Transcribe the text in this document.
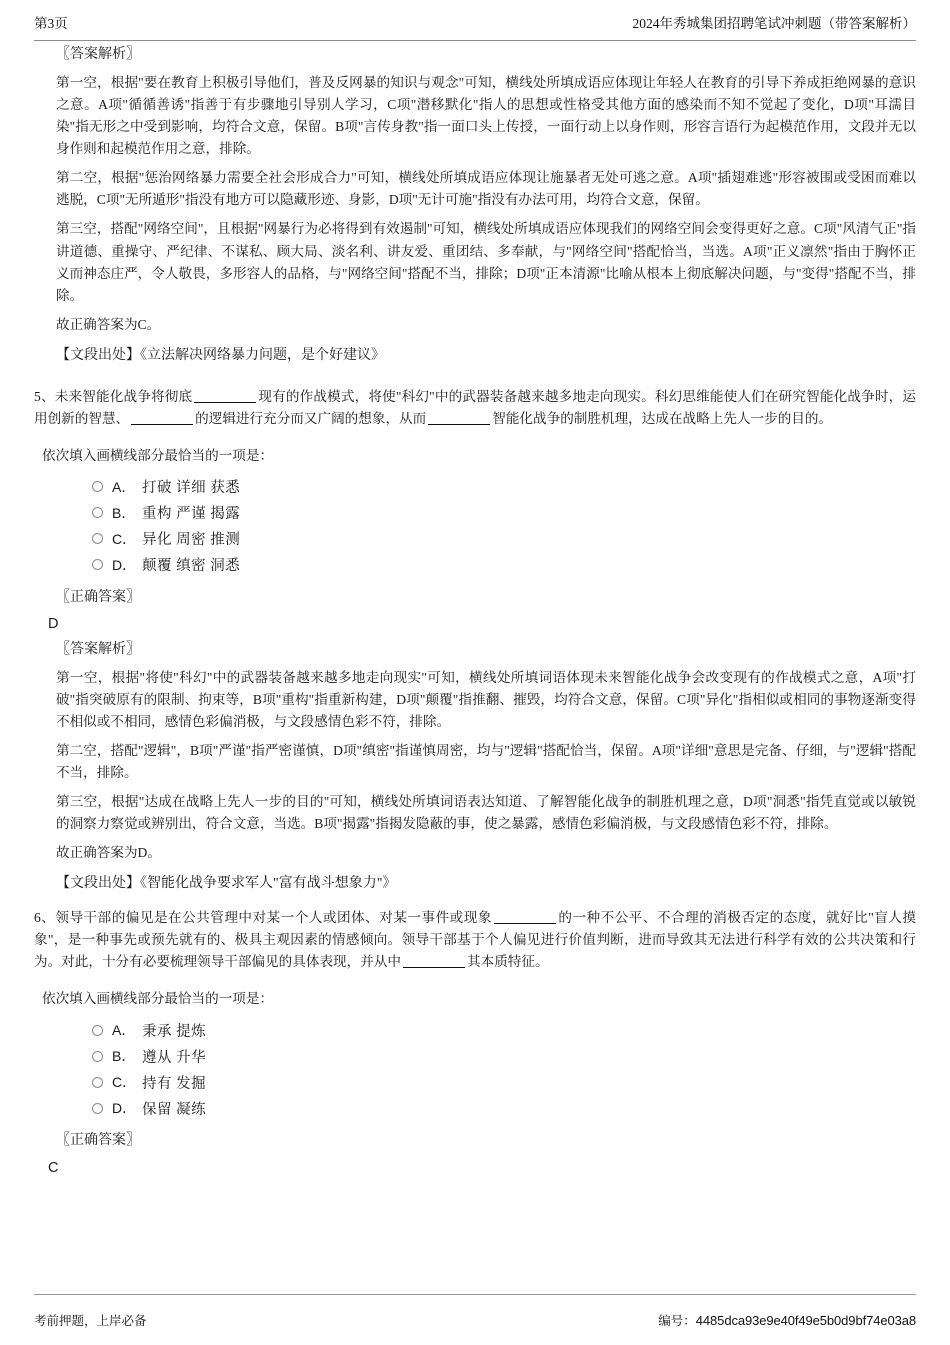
第3页	2024年秀城集团招聘笔试冲刺题（带答案解析）
〖答案解析〗

第一空，根据"要在教育上积极引导他们，普及反网暴的知识与观念"可知，横线处所填成语应体现让年轻人在教育的引导下养成拒绝网暴的意识之意。A项"循循善诱"指善于有步骤地引导别人学习，C项"潜移默化"指人的思想或性格受其他方面的感染而不知不觉起了变化，D项"耳濡目染"指无形之中受到影响，均符合文意，保留。B项"言传身教"指一面口头上传授，一面行动上以身作则，形容言语行为起模范作用，文段并无以身作则和起模范作用之意，排除。

第二空，根据"惩治网络暴力需要全社会形成合力"可知，横线处所填成语应体现让施暴者无处可逃之意。A项"插翅难逃"形容被围或受困而难以逃脱，C项"无所遁形"指没有地方可以隐藏形迹、身影，D项"无计可施"指没有办法可用，均符合文意，保留。

第三空，搭配"网络空间"，且根据"网暴行为必将得到有效遏制"可知，横线处所填成语应体现我们的网络空间会变得更好之意。C项"风清气正"指讲道德、重操守、严纪律、不谋私、顾大局、淡名利、讲友爱、重团结、多奉献，与"网络空间"搭配恰当，当选。A项"正义凛然"指由于胸怀正义而神态庄严，令人敬畏，多形容人的品格，与"网络空间"搭配不当，排除；D项"正本清源"比喻从根本上彻底解决问题，与"变得"搭配不当，排除。

故正确答案为C。

【文段出处】《立法解决网络暴力问题，是个好建议》

5、未来智能化战争将彻底	现有的作战模式，将使"科幻"中的武器装备越来越多地走向现实。科幻思维能使人们在研究智能化战争时，运用创新的智慧、	的逻辑进行充分而又广阔的想象，从而	智能化战争的制胜机理，达成在战略上先人一步的目的。

依次填入画横线部分最恰当的一项是：
A． 打破 详细 获悉
B． 重构 严谨 揭露
C． 异化 周密 推测
D． 颠覆 缜密 洞悉
〖正确答案〗
D
〖答案解析〗

第一空，根据"将使"科幻"中的武器装备越来越多地走向现实"可知，横线处所填词语体现未来智能化战争会改变现有的作战模式之意，A项"打破"指突破原有的限制、拘束等，B项"重构"指重新构建，D项"颠覆"指推翻、摧毁，均符合文意，保留。C项"异化"指相似或相同的事物逐渐变得不相似或不相同，感情色彩偏消极，与文段感情色彩不符，排除。

第二空，搭配"逻辑"，B项"严谨"指严密谨慎，D项"缜密"指谨慎周密，均与"逻辑"搭配恰当，保留。A项"详细"意思是完备、仔细，与"逻辑"搭配不当，排除。

第三空，根据"达成在战略上先人一步的目的"可知，横线处所填词语表达知道、了解智能化战争的制胜机理之意，D项"洞悉"指凭直觉或以敏锐的洞察力察觉或辨别出，符合文意，当选。B项"揭露"指揭发隐蔽的事，使之暴露，感情色彩偏消极，与文段感情色彩不符，排除。

故正确答案为D。

【文段出处】《智能化战争要求军人"富有战斗想象力"》

6、领导干部的偏见是在公共管理中对某一个人或团体、对某一事件或现象	的一种不公平、不合理的消极否定的态度，就好比"盲人摸象"，是一种事先或预先就有的、极具主观因素的情感倾向。领导干部基于个人偏见进行价值判断，进而导致其无法进行科学有效的公共决策和行为。对此，十分有必要梳理领导干部偏见的具体表现，并从中	其本质特征。

依次填入画横线部分最恰当的一项是：
A． 秉承 提炼
B． 遵从 升华
C． 持有 发掘
D． 保留 凝练
〖正确答案〗
C
考前押题，上岸必备	编号：4485dca93e9e40f49e5b0d9bf74e03a8
